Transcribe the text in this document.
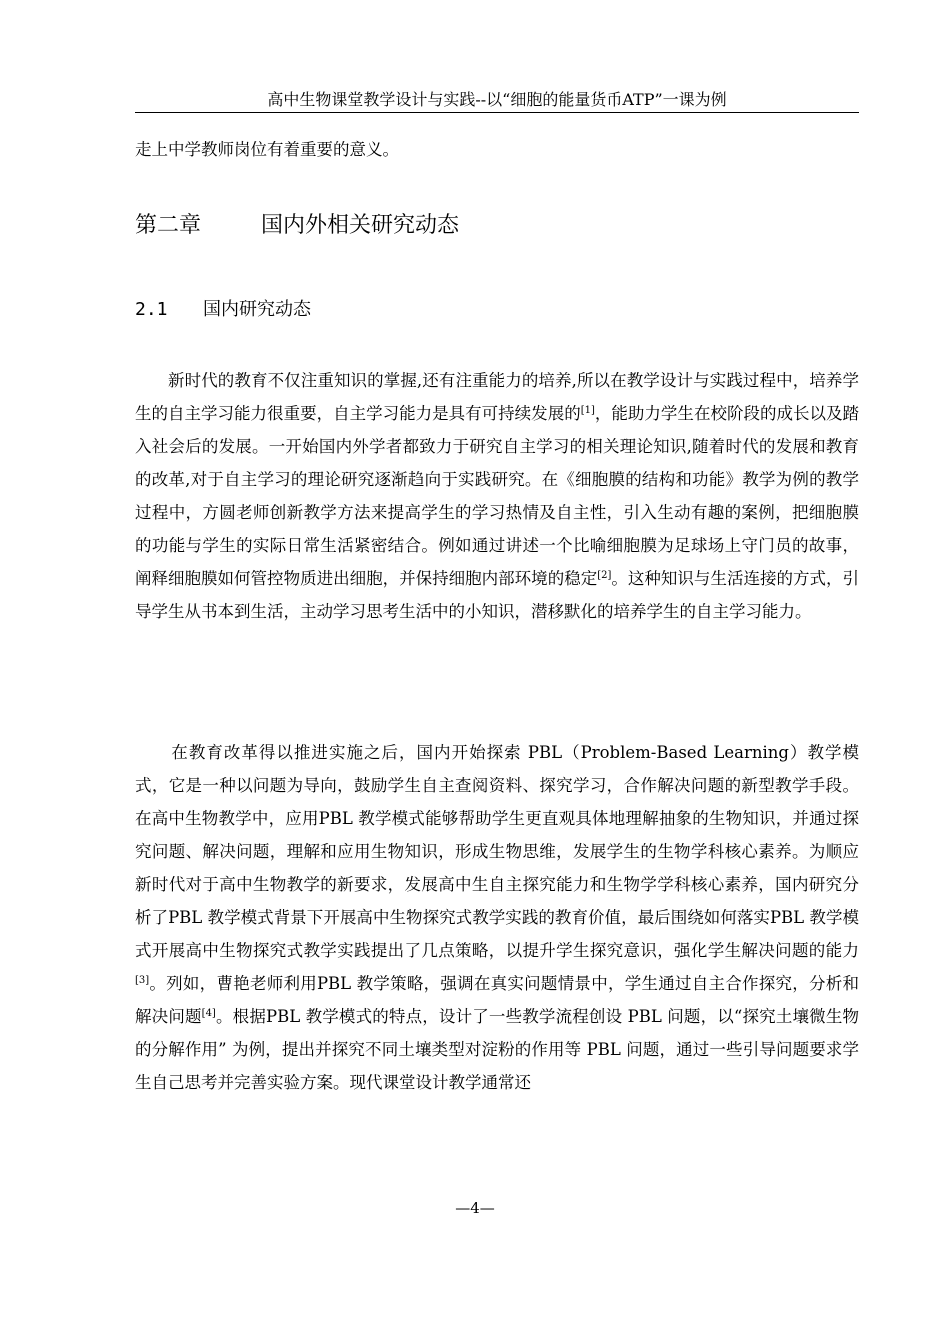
高中生物课堂教学设计与实践--以“细胞的能量货币ATP”一课为例
走上中学教师岗位有着重要的意义。
第二章	国内外相关研究动态
2.1 国内研究动态
新时代的教育不仅注重知识的掌握,还有注重能力的培养,所以在教学设计与实践过程中，培养学生的自主学习能力很重要，自主学习能力是具有可持续发展的[1]，能助力学生在校阶段的成长以及踏入社会后的发展。一开始国内外学者都致力于研究自主学习的相关理论知识,随着时代的发展和教育的改革,对于自主学习的理论研究逐渐趋向于实践研究。在《细胞膜的结构和功能》教学为例的教学过程中，方圆老师创新教学方法来提高学生的学习热情及自主性，引入生动有趣的案例，把细胞膜的功能与学生的实际日常生活紧密结合。例如通过讲述一个比喻细胞膜为足球场上守门员的故事，阐释细胞膜如何管控物质进出细胞，并保持细胞内部环境的稳定[2]。这种知识与生活连接的方式，引导学生从书本到生活，主动学习思考生活中的小知识，潜移默化的培养学生的自主学习能力。
在教育改革得以推进实施之后，国内开始探索 PBL（Problem-Based Learning）教学模式，它是一种以问题为导向，鼓励学生自主查阅资料、探究学习，合作解决问题的新型教学手段。在高中生物教学中，应用PBL 教学模式能够帮助学生更直观具体地理解抽象的生物知识，并通过探究问题、解决问题，理解和应用生物知识，形成生物思维，发展学生的生物学科核心素养。为顺应新时代对于高中生物教学的新要求，发展高中生自主探究能力和生物学学科核心素养，国内研究分析了PBL 教学模式背景下开展高中生物探究式教学实践的教育价值，最后围绕如何落实PBL 教学模式开展高中生物探究式教学实践提出了几点策略，以提升学生探究意识，强化学生解决问题的能力[3]。列如，曹艳老师利用PBL 教学策略，强调在真实问题情景中，学生通过自主合作探究，分析和解决问题[4]。根据PBL 教学模式的特点，设计了一些教学流程创设 PBL 问题，以“探究土壤微生物的分解作用” 为例，提出并探究不同土壤类型对淀粉的作用等 PBL 问题，通过一些引导问题要求学生自己思考并完善实验方案。现代课堂设计教学通常还
—4—
